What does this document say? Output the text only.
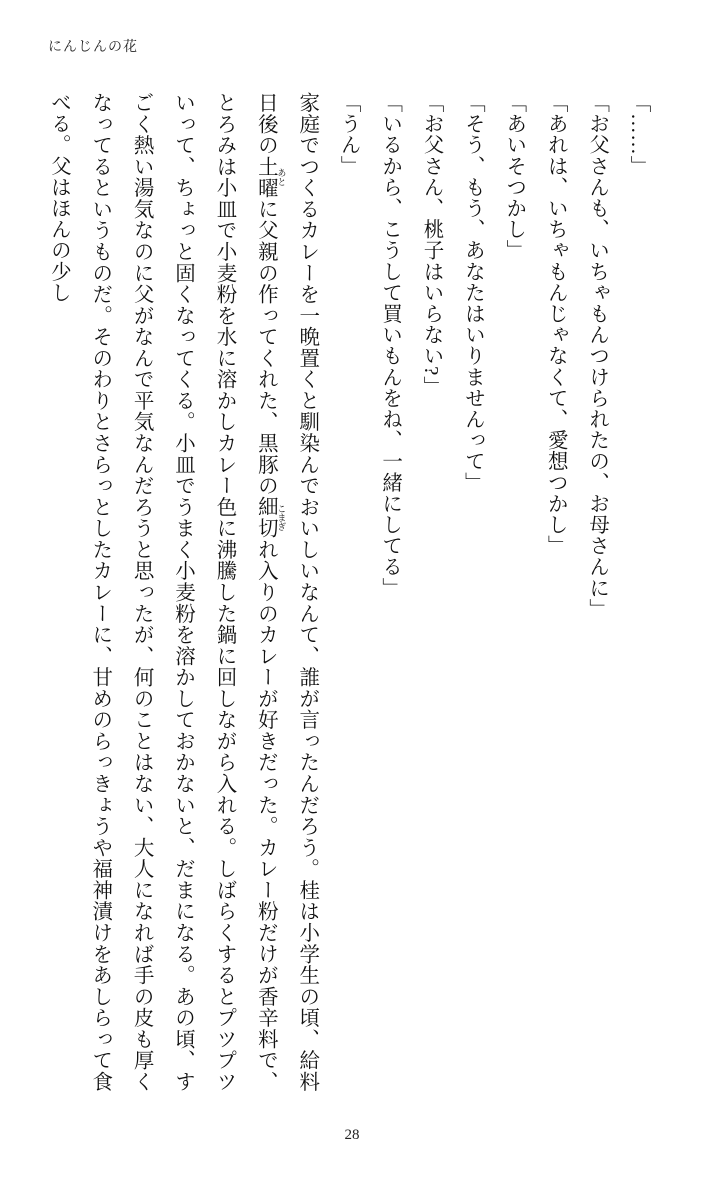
にんじんの花

「……」

「お父さんも、いちゃもんつけられたの、お母さんに」

「あれは、いちゃもんじゃなくて、愛想つかし」

「あいそつかし」

「そう、もう、あなたはいりませんって」

「お父さん、桃子はいらない?」

「いるから、こうして買いもんをね、一緒にしてる」

「うん」

家庭でつくるカレーを一晩置くと馴染んでおいしいなんて、誰が言ったんだろう。桂は小学生の頃、給料日後の土曜 あとに父親の作ってくれた、黒豚の細切 こまぎれ入りのカレーが好きだった。カレー粉だけが香辛料で、とろみは小皿で小麦粉を水に溶かしカレー色に沸騰した鍋に回しながら入れる。しばらくするとプツプツいって、ちょっと固くなってくる。小皿でうまく小麦粉を溶かしておかないと、だまになる。あの頃、すごく熱い湯気なのに父がなんで平気なんだろうと思ったが、何のことはない、大人になれば手の皮も厚くなってるというものだ。そのわりとさらっとしたカレーに、甘めのらっきょうや福神漬けをあしらって食べる。父はほんの少し

28
